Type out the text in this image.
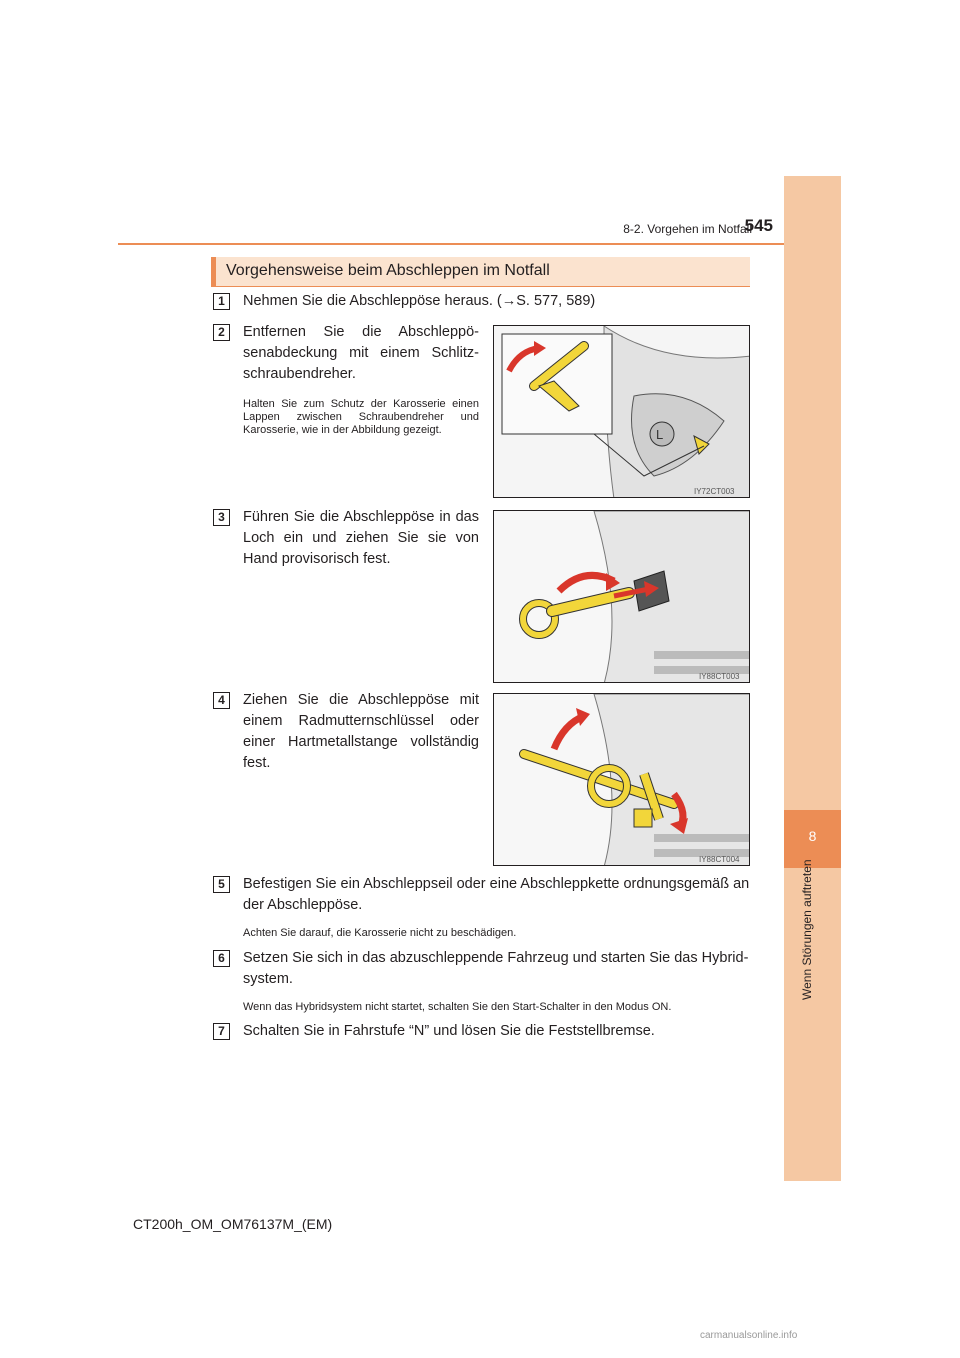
8
Wenn Störungen auftreten
8-2. Vorgehen im Notfall
545
Vorgehensweise beim Abschleppen im Notfall
1	Nehmen Sie die Abschleppöse heraus. (→S. 577, 589)
2	Entfernen Sie die Abschleppösenabdeckung mit einem Schlitzschraubendreher.
Halten Sie zum Schutz der Karosserie einen Lappen zwischen Schraubendreher und Karosserie, wie in der Abbildung gezeigt.	L
IY72CT003
3	Führen Sie die Abschleppöse in das Loch ein und ziehen Sie sie von Hand provisorisch fest.
IY88CT003
4	Ziehen Sie die Abschleppöse mit einem Radmutternschlüssel oder einer Hartmetallstange vollständig fest.
IY88CT004
5	Befestigen Sie ein Abschleppseil oder eine Abschleppkette ordnungsgemäß an der Abschleppöse.
Achten Sie darauf, die Karosserie nicht zu beschädigen.
6	Setzen Sie sich in das abzuschleppende Fahrzeug und starten Sie das Hybridsystem.
Wenn das Hybridsystem nicht startet, schalten Sie den Start-Schalter in den Modus ON.
7	Schalten Sie in Fahrstufe “N” und lösen Sie die Feststellbremse.
CT200h_OM_OM76137M_(EM)
carmanualsonline.info
